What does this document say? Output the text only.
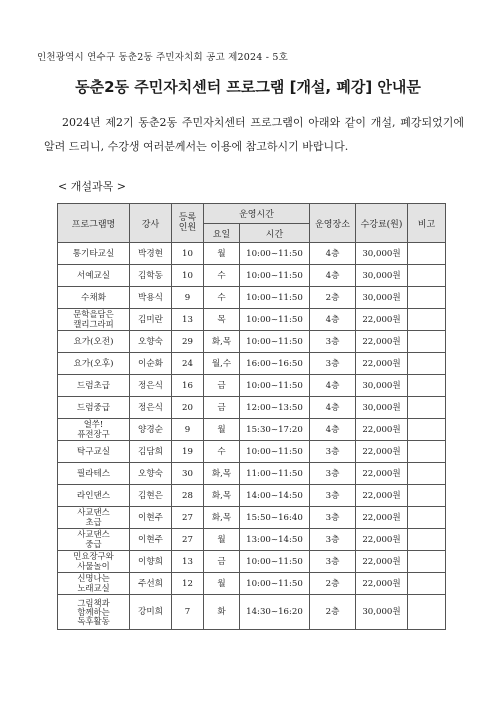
인천광역시 연수구 동춘2동 주민자치회 공고 제2024 - 5호
동춘2동 주민자치센터 프로그램 [개설, 폐강] 안내문
2024년 제2기 동춘2동 주민자치센터 프로그램이 아래와 같이 개설, 폐강되었기에 알려 드리니, 수강생 여러분께서는 이용에 참고하시기 바랍니다.
< 개설과목 >
프로그램명	강사	등록
인원	운영시간		운영장소	수강료(원)	비고
			요일	시간			
통기타교실	박경현	10	월	10:00~11:50	4층	30,000원	
서예교실	김학동	10	수	10:00~11:50	4층	30,000원	
수채화	박용식	9	수	10:00~11:50	2층	30,000원	
문학을담은
캘리그라피	김미란	13	목	10:00~11:50	4층	22,000원	
요가(오전)	오향숙	29	화,목	10:00~11:50	3층	22,000원	
요가(오후)	이순화	24	월,수	16:00~16:50	3층	22,000원	
드럼초급	정은식	16	금	10:00~11:50	4층	30,000원	
드럼중급	정은식	20	금	12:00~13:50	4층	30,000원	
얼쑤!
퓨전장구	양경순	9	월	15:30~17:20	4층	22,000원	
탁구교실	김담희	19	수	10:00~11:50	3층	22,000원	
필라테스	오향숙	30	화,목	11:00~11:50	3층	22,000원	
라인댄스	김현은	28	화,목	14:00~14:50	3층	22,000원	
사교댄스
초급	이현주	27	화,목	15:50~16:40	3층	22,000원	
사교댄스
중급	이현주	27	월	13:00~14:50	3층	22,000원	
민요장구와
사물놀이	이향희	13	금	10:00~11:50	3층	22,000원	
신명나는
노래교실	주선희	12	월	10:00~11:50	2층	22,000원	
그림책과
함께하는
독후활동	강미희	7	화	14:30~16:20	2층	30,000원	
